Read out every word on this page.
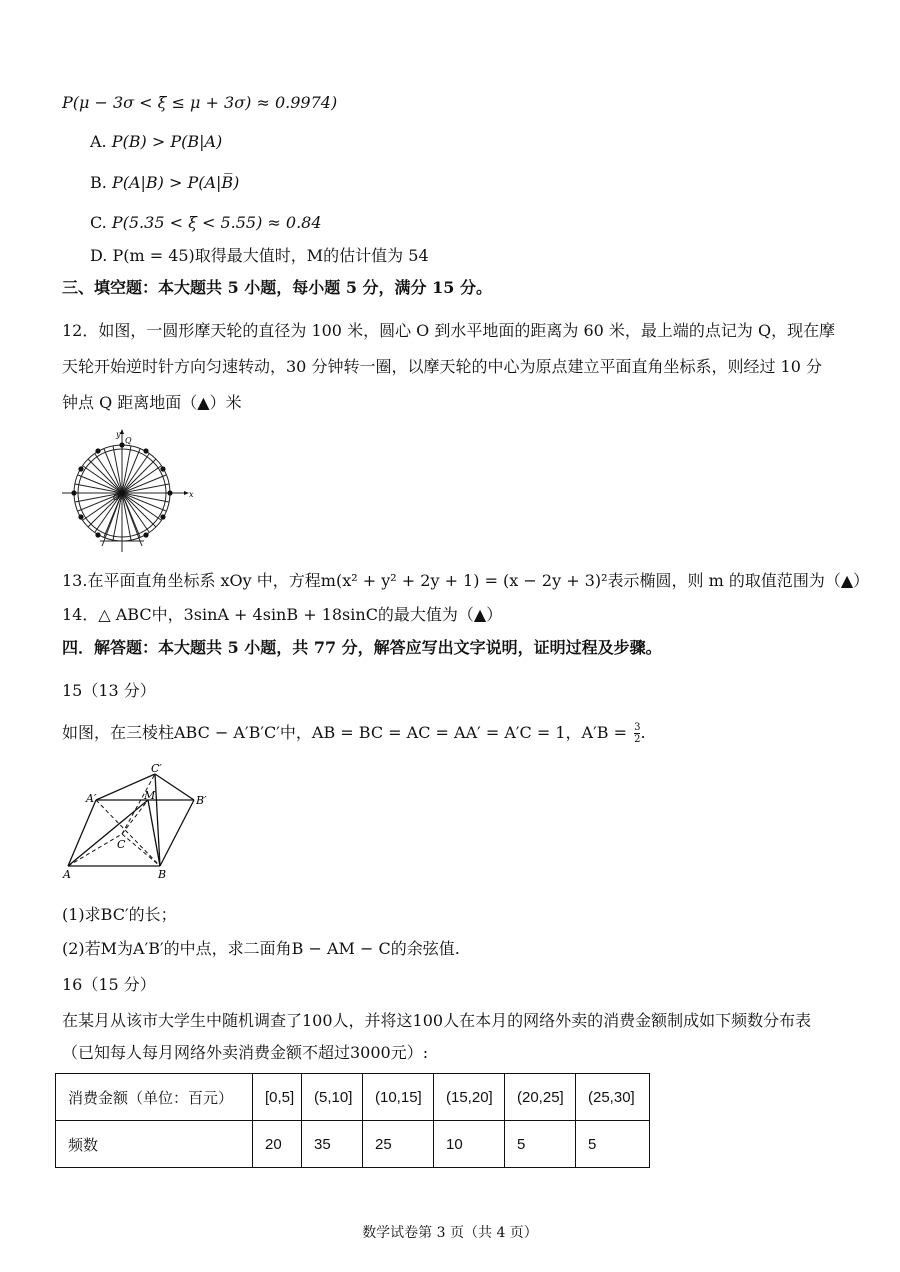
P(μ − 3σ < ξ ≤ μ + 3σ) ≈ 0.9974)
A. P(B) > P(B|A)
B. P(A|B) > P(A|B̅)
C. P(5.35 < ξ < 5.55) ≈ 0.84
D. P(m = 45)取得最大值时，M的估计值为 54
三、填空题：本大题共 5 小题，每小题 5 分，满分 15 分。
12．如图，一圆形摩天轮的直径为 100 米，圆心 O 到水平地面的距离为 60 米，最上端的点记为 Q，现在摩
天轮开始逆时针方向匀速转动，30 分钟转一圈，以摩天轮的中心为原点建立平面直角坐标系，则经过 10 分
钟点 Q 距离地面（▲）米
y
x
Q
O
13.在平面直角坐标系 xOy 中，方程m(x² + y² + 2y + 1) = (x − 2y + 3)²表示椭圆，则 m 的取值范围为（▲）
14．△ ABC中，3sinA + 4sinB + 18sinC的最大值为（▲）
四．解答题：本大题共 5 小题，共 77 分，解答应写出文字说明，证明过程及步骤。
15（13 分）
如图，在三棱柱ABC − A′B′C′中，AB = BC = AC = AA′ = A′C = 1，$A'B = \frac{3}{2}$ .
C′
A′	M	B′
C
A	B
(1)求BC′的长；
(2)若M为A′B′的中点，求二面角B − AM − C的余弦值.
16（15 分）
在某月从该市大学生中随机调查了100人，并将这100人在本月的网络外卖的消费金额制成如下频数分布表
（已知每人每月网络外卖消费金额不超过3000元）:
消费金额（单位：百元）	[0,5]	(5,10]	(10,15]	(15,20]	(20,25]	(25,30]
频数	20	35	25	10	5	5
数学试卷第 3 页（共 4 页）
